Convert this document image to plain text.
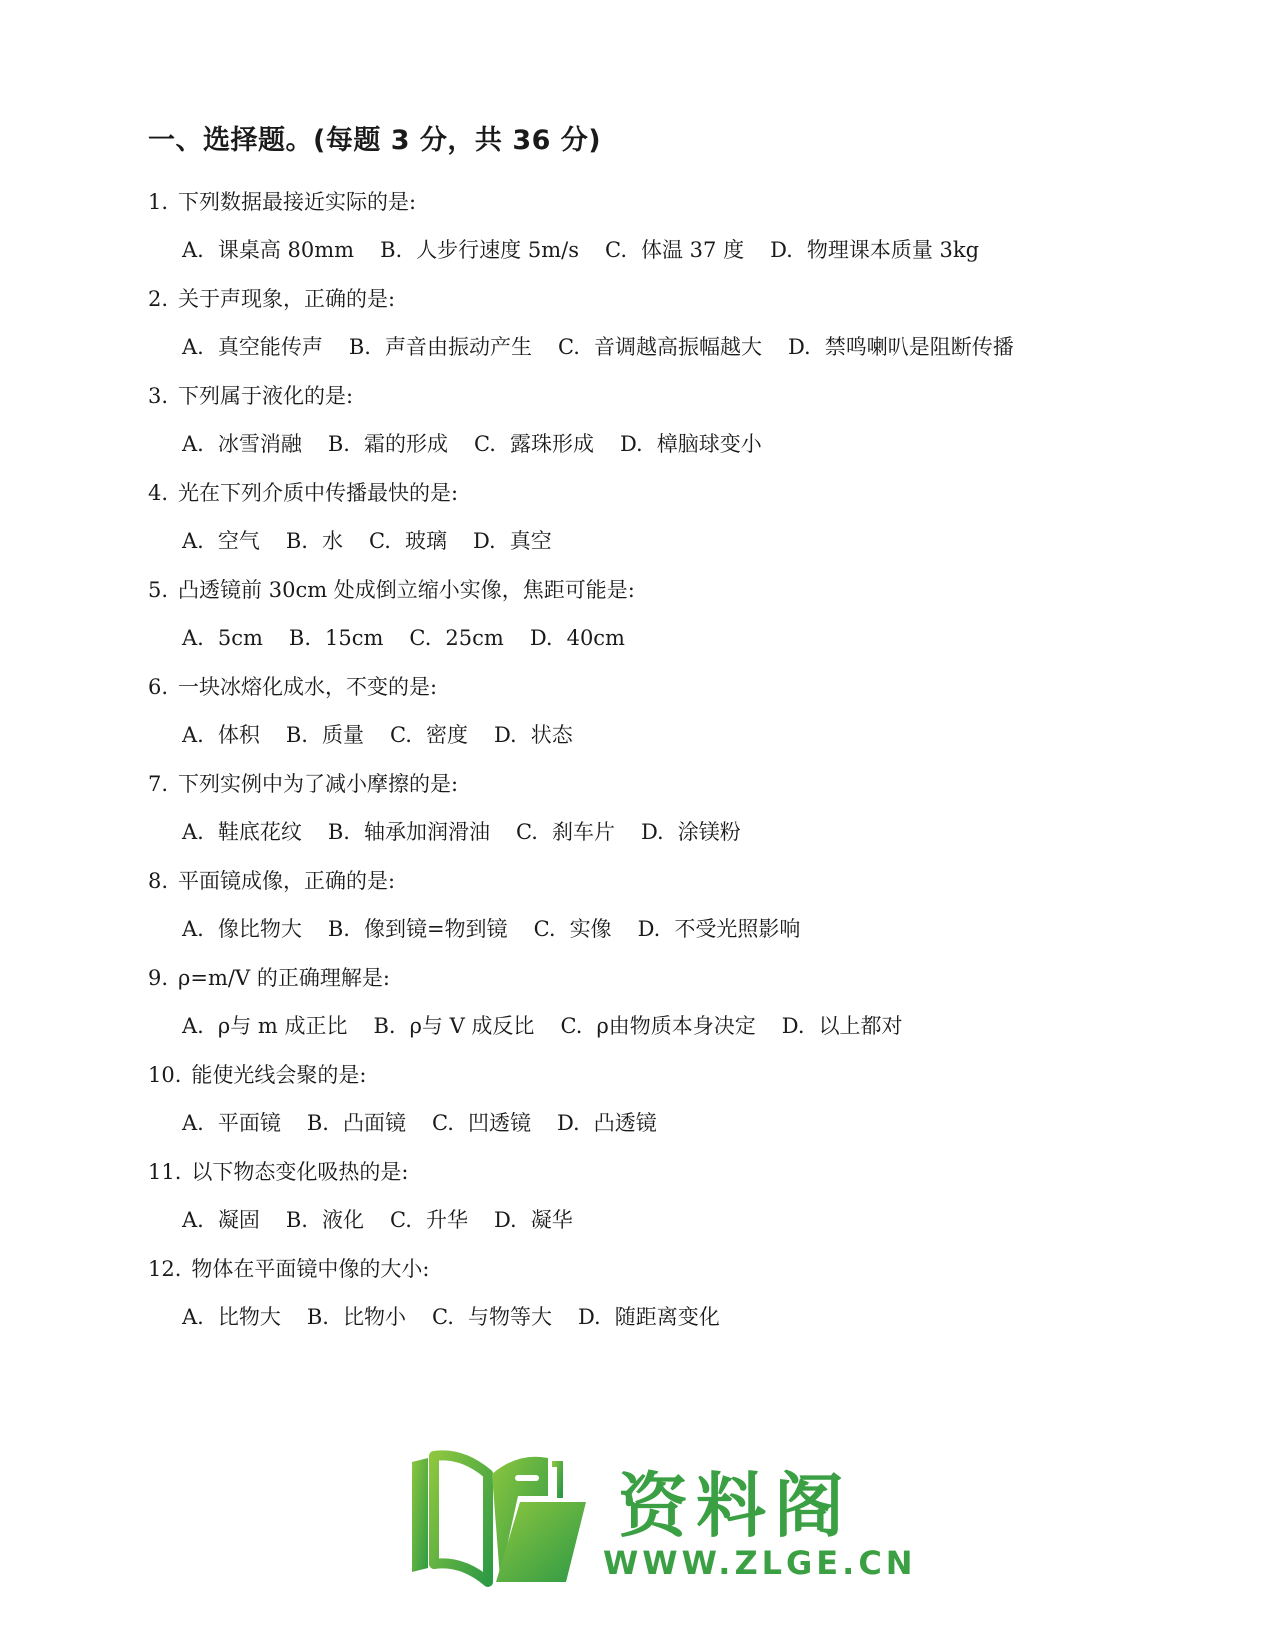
一、选择题。(每题 3 分，共 36 分)
1. 下列数据最接近实际的是:
A. 课桌高 80mm B. 人步行速度 5m/s C. 体温 37 度 D. 物理课本质量 3kg
2. 关于声现象，正确的是:
A. 真空能传声 B. 声音由振动产生 C. 音调越高振幅越大 D. 禁鸣喇叭是阻断传播
3. 下列属于液化的是:
A. 冰雪消融 B. 霜的形成 C. 露珠形成 D. 樟脑球变小
4. 光在下列介质中传播最快的是:
A. 空气 B. 水 C. 玻璃 D. 真空
5. 凸透镜前 30cm 处成倒立缩小实像，焦距可能是:
A. 5cm B. 15cm C. 25cm D. 40cm
6. 一块冰熔化成水，不变的是:
A. 体积 B. 质量 C. 密度 D. 状态
7. 下列实例中为了减小摩擦的是:
A. 鞋底花纹 B. 轴承加润滑油 C. 刹车片 D. 涂镁粉
8. 平面镜成像，正确的是:
A. 像比物大 B. 像到镜=物到镜 C. 实像 D. 不受光照影响
9. ρ=m/V 的正确理解是:
A. ρ与 m 成正比 B. ρ与 V 成反比 C. ρ由物质本身决定 D. 以上都对
10. 能使光线会聚的是:
A. 平面镜 B. 凸面镜 C. 凹透镜 D. 凸透镜
11. 以下物态变化吸热的是:
A. 凝固 B. 液化 C. 升华 D. 凝华
12. 物体在平面镜中像的大小:
A. 比物大 B. 比物小 C. 与物等大 D. 随距离变化
资料阁
WWW.ZLGE.CN
